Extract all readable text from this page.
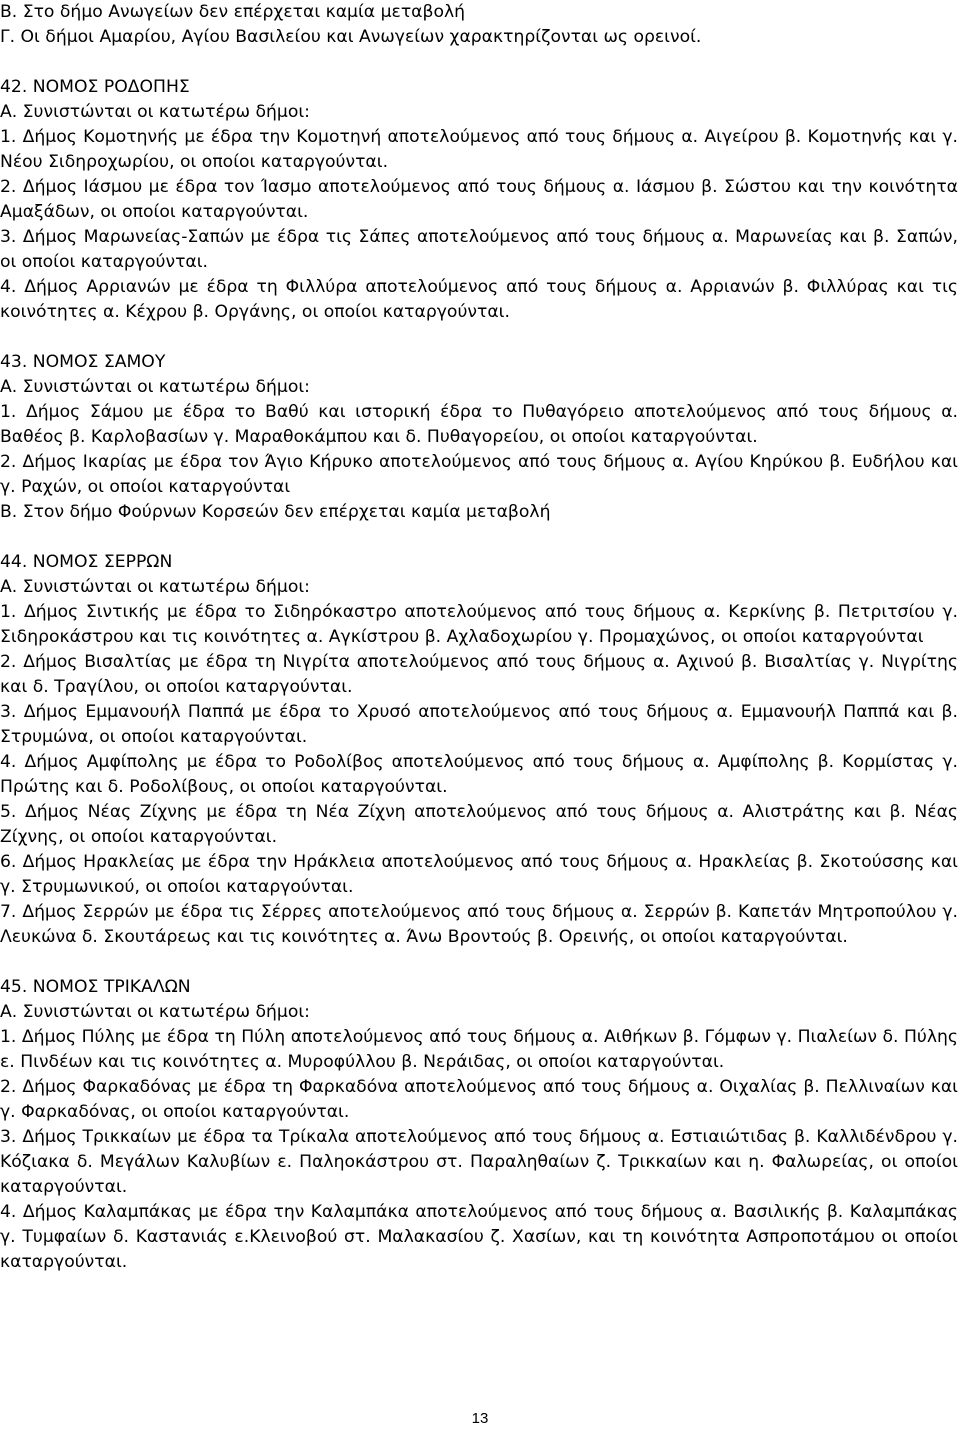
Β. Στο δήμο Ανωγείων δεν επέρχεται καμία μεταβολή

Γ. Οι δήμοι Αμαρίου, Αγίου Βασιλείου και Ανωγείων χαρακτηρίζονται ως ορεινοί.

42. ΝΟΜΟΣ ΡΟΔΟΠΗΣ

Α. Συνιστώνται οι κατωτέρω δήμοι:

1. Δήμος Κομοτηνής με έδρα την Κομοτηνή αποτελούμενος από τους δήμους α. Αιγείρου β. Κομοτηνής και γ. Νέου Σιδηροχωρίου, οι οποίοι καταργούνται.

2. Δήμος Ιάσμου με έδρα τον Ίασμο αποτελούμενος από τους δήμους α. Ιάσμου β. Σώστου και την κοινότητα Αμαξάδων, οι οποίοι καταργούνται.

3. Δήμος Μαρωνείας-Σαπών με έδρα τις Σάπες αποτελούμενος από τους δήμους α. Μαρωνείας και β. Σαπών, οι οποίοι καταργούνται.

4. Δήμος Αρριανών με έδρα τη Φιλλύρα αποτελούμενος από τους δήμους α. Αρριανών β. Φιλλύρας και τις κοινότητες α. Κέχρου β. Οργάνης, οι οποίοι καταργούνται.

43. ΝΟΜΟΣ ΣΑΜΟΥ

Α. Συνιστώνται οι κατωτέρω δήμοι:

1. Δήμος Σάμου με έδρα το Βαθύ και ιστορική έδρα το Πυθαγόρειο αποτελούμενος από τους δήμους α. Βαθέος β. Καρλοβασίων γ. Μαραθοκάμπου και δ. Πυθαγορείου, οι οποίοι καταργούνται.

2. Δήμος Ικαρίας με έδρα τον Άγιο Κήρυκο αποτελούμενος από τους δήμους α. Αγίου Κηρύκου β. Ευδήλου και γ. Ραχών, οι οποίοι καταργούνται

Β. Στον δήμο Φούρνων Κορσεών δεν επέρχεται καμία μεταβολή

44. ΝΟΜΟΣ ΣΕΡΡΩΝ

Α. Συνιστώνται οι κατωτέρω δήμοι:

1. Δήμος Σιντικής με έδρα το Σιδηρόκαστρο αποτελούμενος από τους δήμους α. Κερκίνης β. Πετριτσίου γ. Σιδηροκάστρου και τις κοινότητες α. Αγκίστρου β. Αχλαδοχωρίου γ. Προμαχώνος, οι οποίοι καταργούνται

2. Δήμος Βισαλτίας με έδρα τη Νιγρίτα αποτελούμενος από τους δήμους α. Αχινού β. Βισαλτίας γ. Νιγρίτης και δ. Τραγίλου, οι οποίοι καταργούνται.

3. Δήμος Εμμανουήλ Παππά με έδρα το Χρυσό αποτελούμενος από τους δήμους α. Εμμανουήλ Παππά και β. Στρυμώνα, οι οποίοι καταργούνται.

4. Δήμος Αμφίπολης με έδρα το Ροδολίβος αποτελούμενος από τους δήμους α. Αμφίπολης β. Κορμίστας γ. Πρώτης και δ. Ροδολίβους, οι οποίοι καταργούνται.

5. Δήμος Νέας Ζίχνης με έδρα τη Νέα Ζίχνη αποτελούμενος από τους δήμους α. Αλιστράτης και β. Νέας Ζίχνης, οι οποίοι καταργούνται.

6. Δήμος Ηρακλείας με έδρα την Ηράκλεια αποτελούμενος από τους δήμους α. Ηρακλείας β. Σκοτούσσης και γ. Στρυμωνικού, οι οποίοι καταργούνται.

7. Δήμος Σερρών με έδρα τις Σέρρες αποτελούμενος από τους δήμους α. Σερρών β. Καπετάν Μητροπούλου γ. Λευκώνα δ. Σκουτάρεως και τις κοινότητες α. Άνω Βροντούς β. Ορεινής, οι οποίοι καταργούνται.

45. ΝΟΜΟΣ ΤΡΙΚΑΛΩΝ

Α. Συνιστώνται οι κατωτέρω δήμοι:

1. Δήμος Πύλης με έδρα τη Πύλη αποτελούμενος από τους δήμους α. Αιθήκων β. Γόμφων γ. Πιαλείων δ. Πύλης ε. Πινδέων και τις κοινότητες α. Μυροφύλλου β. Νεράιδας, οι οποίοι καταργούνται.

2. Δήμος Φαρκαδόνας με έδρα τη Φαρκαδόνα αποτελούμενος από τους δήμους α. Οιχαλίας β. Πελλιναίων και γ. Φαρκαδόνας, οι οποίοι καταργούνται.

3. Δήμος Τρικκαίων με έδρα τα Τρίκαλα αποτελούμενος από τους δήμους α. Εστιαιώτιδας β. Καλλιδένδρου γ. Κόζιακα δ. Μεγάλων Καλυβίων ε. Παληοκάστρου στ. Παραληθαίων ζ. Τρικκαίων και η. Φαλωρείας, οι οποίοι καταργούνται.

4. Δήμος Καλαμπάκας με έδρα την Καλαμπάκα αποτελούμενος από τους δήμους α. Βασιλικής β. Καλαμπάκας γ. Τυμφαίων δ. Καστανιάς ε.Κλεινοβού στ. Μαλακασίου ζ. Χασίων, και τη κοινότητα Ασπροποτάμου οι οποίοι καταργούνται.

13
